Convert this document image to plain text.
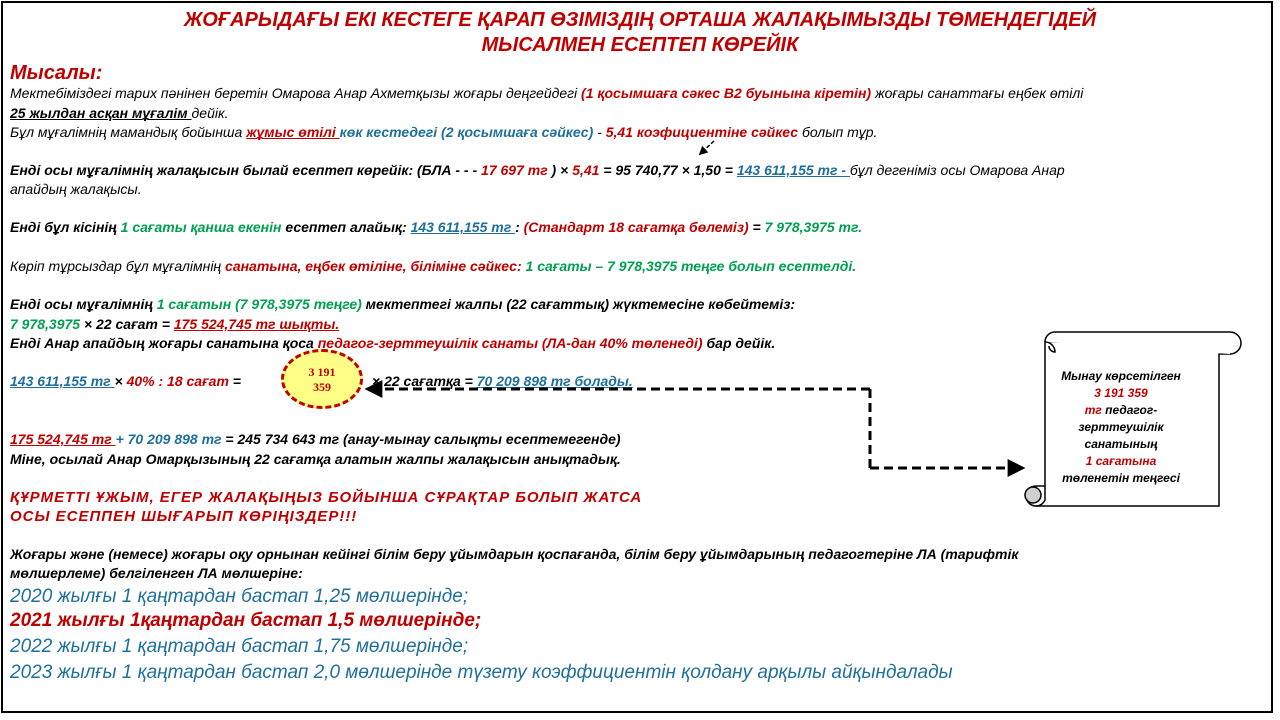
ЖОҒАРЫДАҒЫ ЕКІ КЕСТЕГЕ ҚАРАП ӨЗІМІЗДІҢ ОРТАША ЖАЛАҚЫМЫЗДЫ ТӨМЕНДЕГІДЕЙ
МЫСАЛМЕН ЕСЕПТЕП КӨРЕЙІК
Мысалы:
Мектебіміздегі тарих пәнінен беретін Омарова Анар Ахметқызы жоғары деңгейдегі (1 қосымшаға сәкес В2 буынына кіретін) жоғары санаттағы еңбек өтілі
25 жылдан асқан мұғалім дейік.
Бұл мұғалімнің мамандық бойынша жұмыс өтілі көк кестедегі (2 қосымшаға сәйкес) - 5,41 коэфициентіне сәйкес болып тұр.
Енді осы мұғалімнің жалақысын былай есептеп көрейік: (БЛА - - - 17 697 тг ) × 5,41 = 95 740,77 × 1,50 = 143 611,155 тг - бұл дегеніміз осы Омарова Анар
апайдың жалақысы.
Енді бұл кісінің 1 сағаты қанша екенін есептеп алайық: 143 611,155 тг : (Стандарт 18 сағатқа бөлеміз) = 7 978,3975 тг.
Көріп тұрсыздар бұл мұғалімнің санатына, еңбек өтіліне, біліміне сәйкес: 1 сағаты – 7 978,3975 теңге болып есептелді.
Енді осы мұғалімнің 1 сағатын (7 978,3975 теңге) мектептегі жалпы (22 сағаттық) жүктемесіне көбейтеміз:
7 978,3975 × 22 сағат = 175 524,745 тг шықты.
Енді Анар апайдың жоғары санатына қоса педагог-зерттеушілік санаты (ЛА-дан 40% төленеді) бар дейік.
143 611,155 тг × 40% : 18 сағат =
3 191
359	× 22 сағатқа = 70 209 898 тг болады.
175 524,745 тг + 70 209 898 тг = 245 734 643 тг (анау-мынау салықты есептемегенде)
Міне, осылай Анар Омарқызының 22 сағатқа алатын жалпы жалақысын анықтадық.
ҚҰРМЕТТІ ҰЖЫМ, ЕГЕР ЖАЛАҚЫҢЫЗ БОЙЫНША СҰРАҚТАР БОЛЫП ЖАТСА
ОСЫ ЕСЕППЕН ШЫҒАРЫП КӨРІҢІЗДЕР!!!
Жоғары және (немесе) жоғары оқу орнынан кейінгі білім беру ұйымдарын қоспағанда, білім беру ұйымдарының педагогтеріне ЛА (тарифтік
мөлшерлеме) белгіленген ЛА мөлшеріне:
2020 жылғы 1 қаңтардан бастап 1,25 мөлшерінде;
2021 жылғы 1қаңтардан бастап 1,5 мөлшерінде;
2022 жылғы 1 қаңтардан бастап 1,75 мөлшерінде;
2023 жылғы 1 қаңтардан бастап 2,0 мөлшерінде түзету коэффициентін қолдану арқылы айқындалады
Мынау көрсетілген
3 191 359
тг педагог-
зерттеушілік
санатының
1 сағатына
төленетін теңгесі
